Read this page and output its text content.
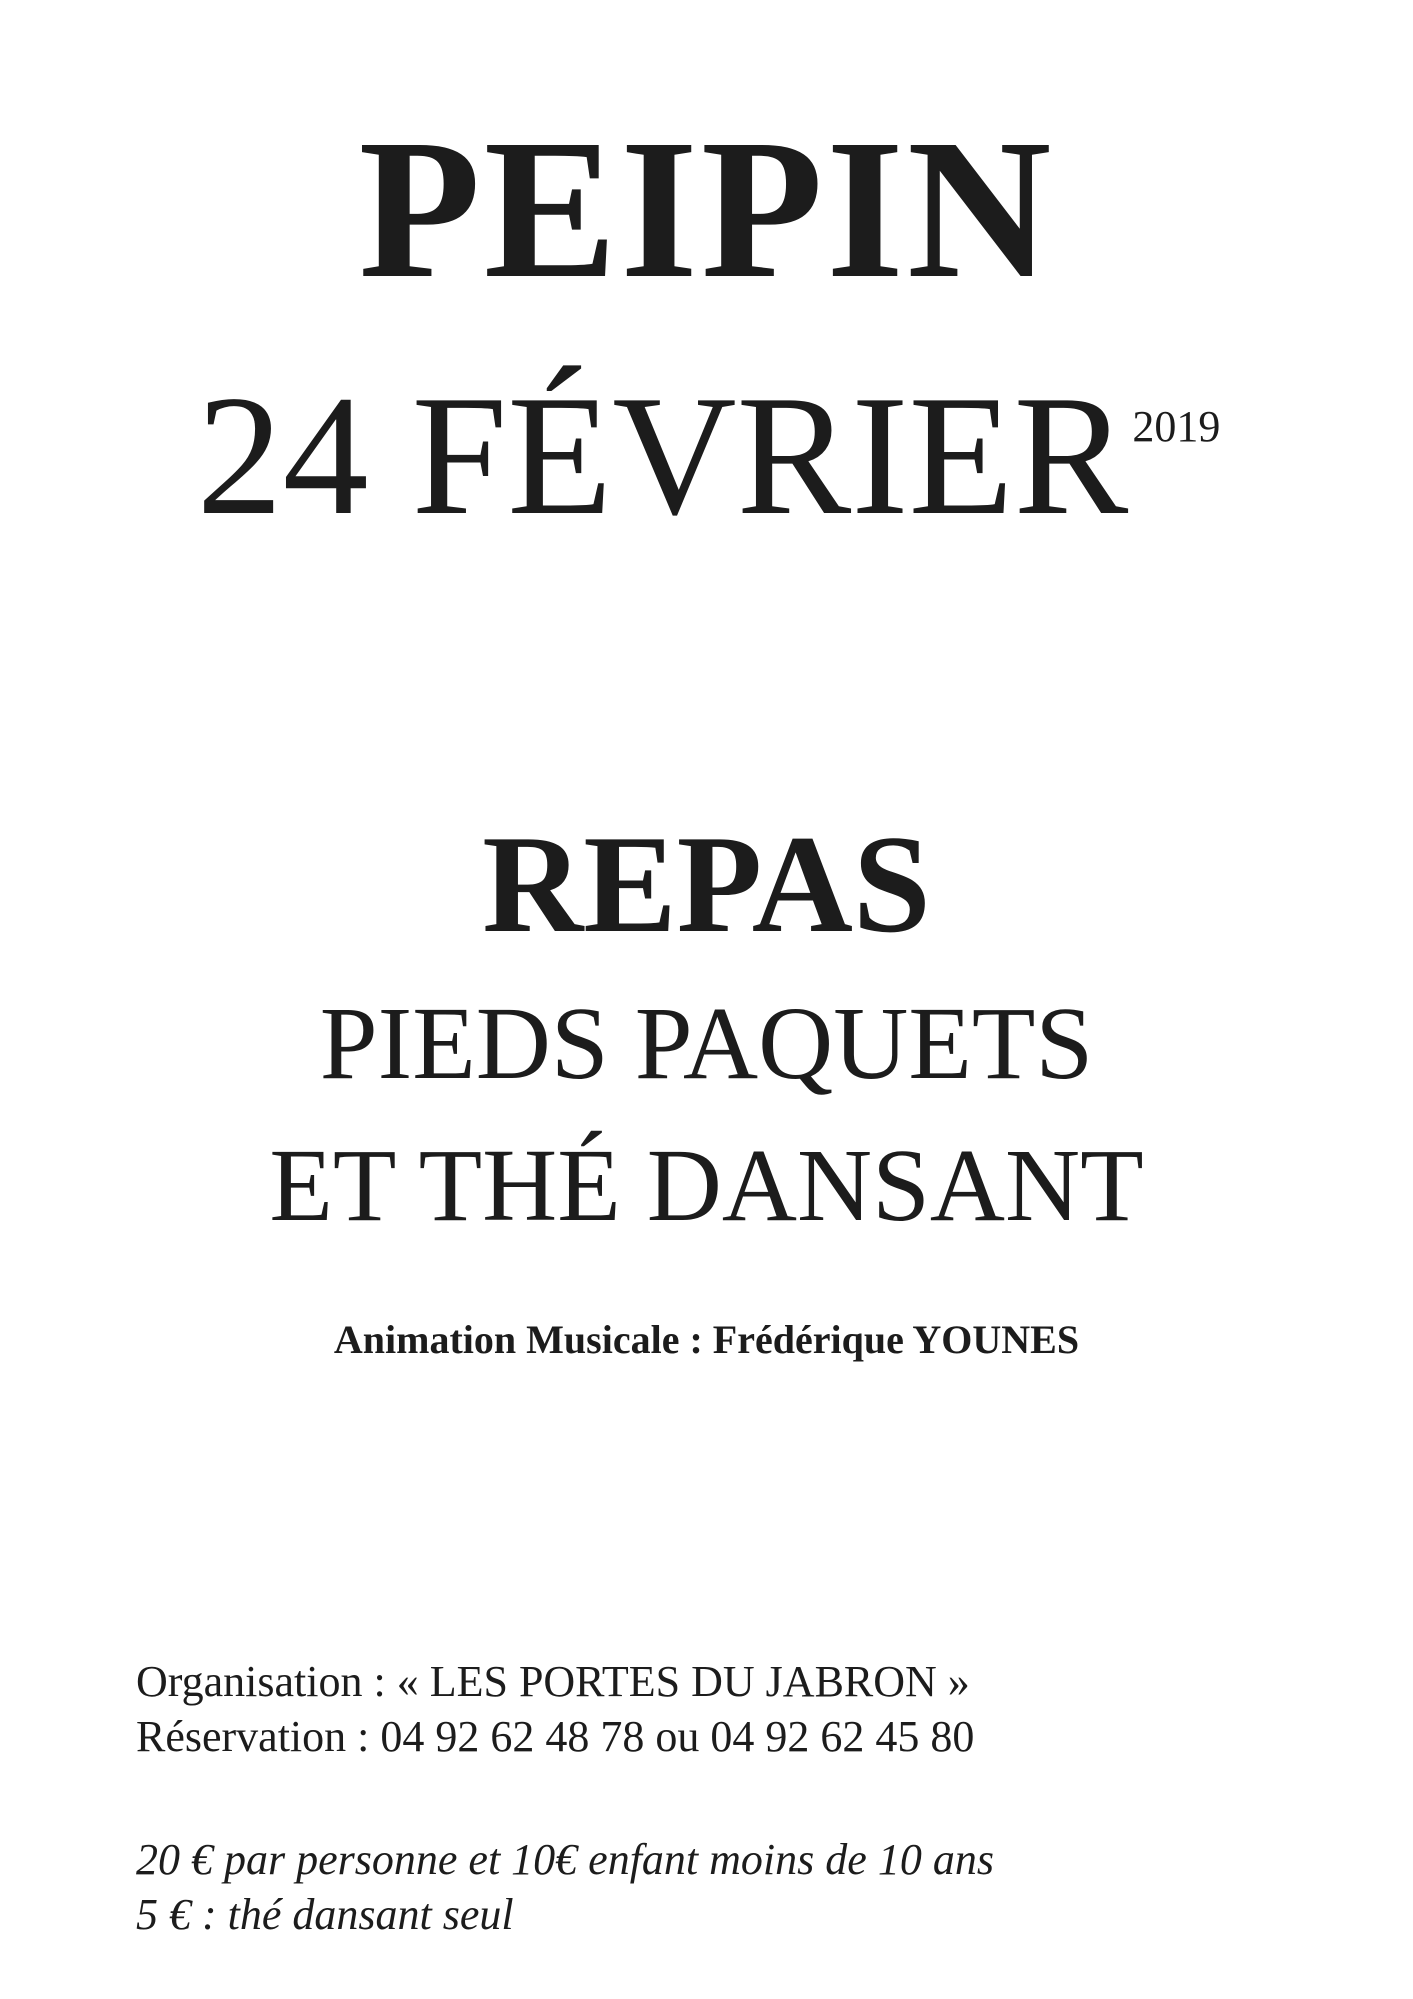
PEIPIN
24 $FÉVRIER^{2019}$
REPAS
PIEDS PAQUETS
ET THÉ DANSANT
Animation Musicale : Frédérique YOUNES
Organisation : « LES PORTES DU JABRON »
Réservation : 04 92 62 48 78 ou 04 92 62 45 80
20 € par personne et 10€ enfant moins de 10 ans
5 € : thé dansant seul
